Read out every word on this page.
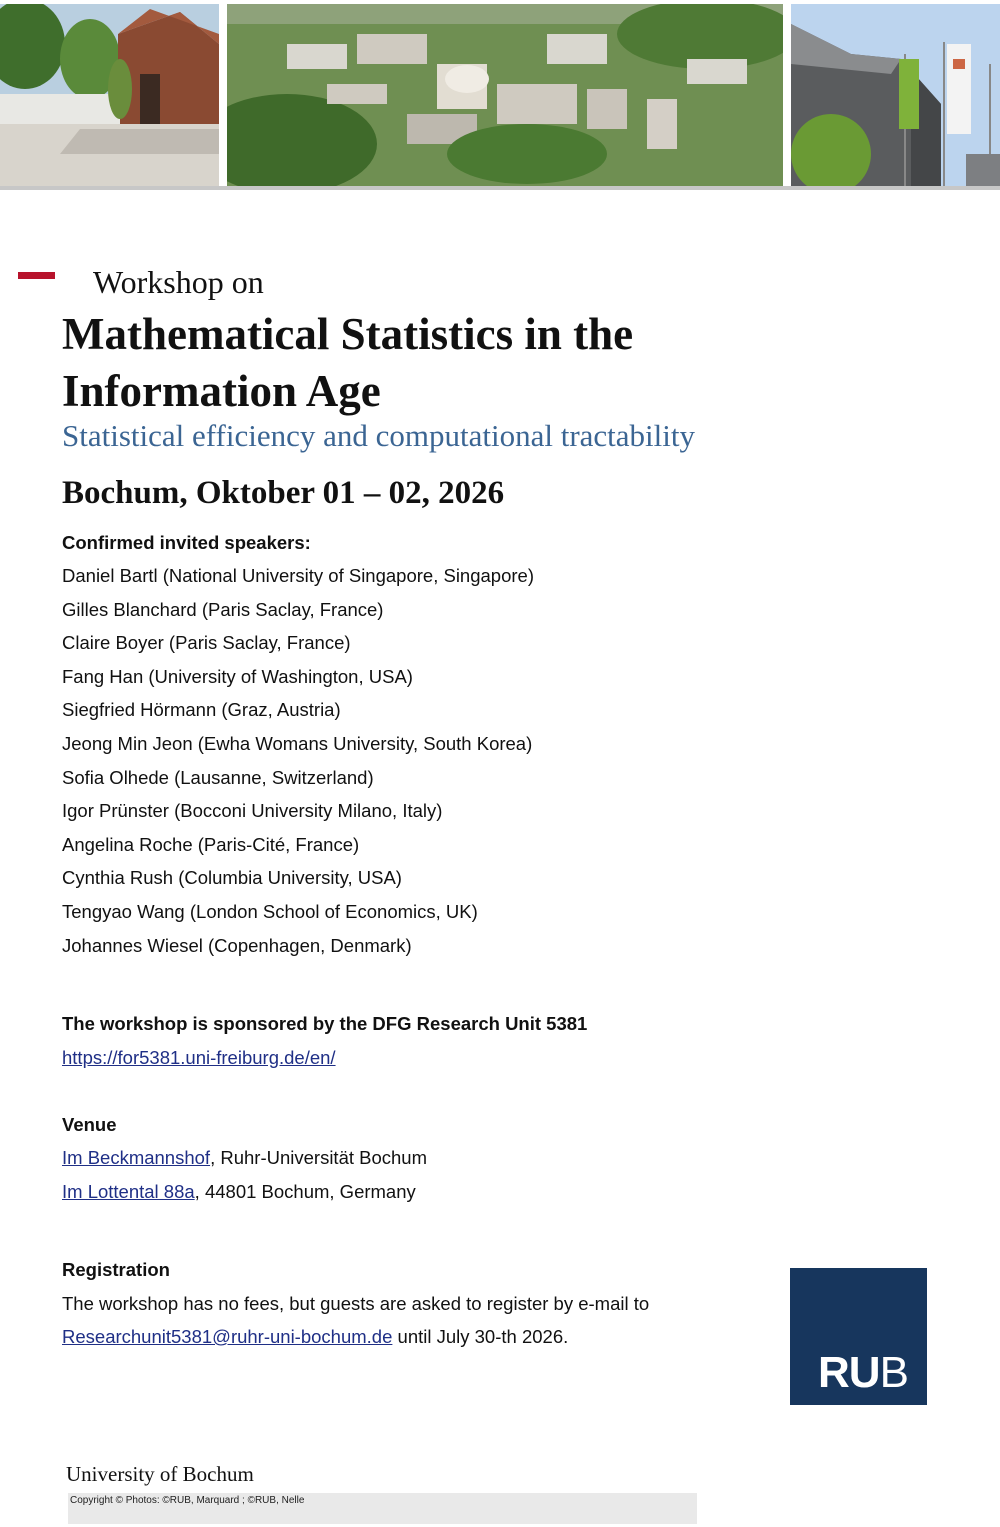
Workshop on
Mathematical Statistics in the Information Age
Statistical efficiency and computational tractability
Bochum, Oktober 01 – 02, 2026
Confirmed invited speakers:
Daniel Bartl (National University of Singapore, Singapore)
Gilles Blanchard (Paris Saclay, France)
Claire Boyer (Paris Saclay, France)
Fang Han (University of Washington, USA)
Siegfried Hörmann (Graz, Austria)
Jeong Min Jeon (Ewha Womans University, South Korea)
Sofia Olhede (Lausanne, Switzerland)
Igor Prünster (Bocconi University Milano, Italy)
Angelina Roche (Paris-Cité, France)
Cynthia Rush (Columbia University, USA)
Tengyao Wang (London School of Economics, UK)
Johannes Wiesel (Copenhagen, Denmark)
The workshop is sponsored by the DFG Research Unit 5381
https://for5381.uni-freiburg.de/en/
Venue
Im Beckmannshof, Ruhr-Universität Bochum
Im Lottental 88a, 44801 Bochum, Germany
Registration
The workshop has no fees, but guests are asked to register by e-mail to
Researchunit5381@ruhr-uni-bochum.de until July 30-th 2026.
RUB
University of Bochum
Copyright © Photos: ©RUB, Marquard ; ©RUB, Nelle
